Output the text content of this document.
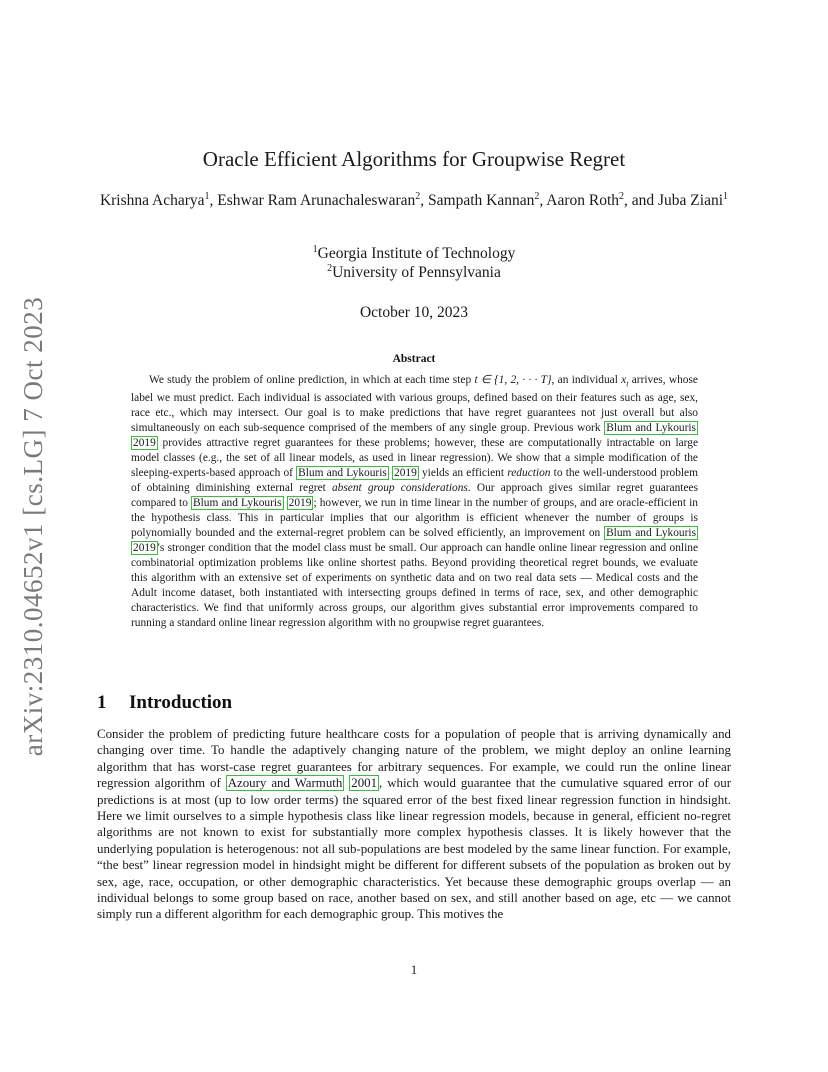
arXiv:2310.04652v1 [cs.LG] 7 Oct 2023
Oracle Efficient Algorithms for Groupwise Regret
Krishna Acharya$^1$, Eshwar Ram Arunachaleswaran$^2$, Sampath Kannan$^2$, Aaron Roth$^2$, and Juba Ziani$^1$
$^1$Georgia Institute of Technology
$^2$University of Pennsylvania
October 10, 2023
Abstract
We study the problem of online prediction, in which at each time step t ∈ {1, 2, · · · T}, an individual $x_t$ arrives, whose label we must predict. Each individual is associated with various groups, defined based on their features such as age, sex, race etc., which may intersect. Our goal is to make predictions that have regret guarantees not just overall but also simultaneously on each sub-sequence comprised of the members of any single group. Previous work Blum and Lykouris 2019 provides attractive regret guarantees for these problems; however, these are computationally intractable on large model classes (e.g., the set of all linear models, as used in linear regression). We show that a simple modification of the sleeping-experts-based approach of Blum and Lykouris 2019 yields an efficient reduction to the well-understood problem of obtaining diminishing external regret absent group considerations. Our approach gives similar regret guarantees compared to Blum and Lykouris 2019 ; however, we run in time linear in the number of groups, and are oracle-efficient in the hypothesis class. This in particular implies that our algorithm is efficient whenever the number of groups is polynomially bounded and the external-regret problem can be solved efficiently, an improvement on Blum and Lykouris 2019 's stronger condition that the model class must be small. Our approach can handle online linear regression and online combinatorial optimization problems like online shortest paths. Beyond providing theoretical regret bounds, we evaluate this algorithm with an extensive set of experiments on synthetic data and on two real data sets — Medical costs and the Adult income dataset, both instantiated with intersecting groups defined in terms of race, sex, and other demographic characteristics. We find that uniformly across groups, our algorithm gives substantial error improvements compared to running a standard online linear regression algorithm with no groupwise regret guarantees.
1 Introduction
Consider the problem of predicting future healthcare costs for a population of people that is arriving dynamically and changing over time. To handle the adaptively changing nature of the problem, we might deploy an online learning algorithm that has worst-case regret guarantees for arbitrary sequences. For example, we could run the online linear regression algorithm of Azoury and Warmuth 2001 , which would guarantee that the cumulative squared error of our predictions is at most (up to low order terms) the squared error of the best fixed linear regression function in hindsight. Here we limit ourselves to a simple hypothesis class like linear regression models, because in general, efficient no-regret algorithms are not known to exist for substantially more complex hypothesis classes. It is likely however that the underlying population is heterogenous: not all sub-populations are best modeled by the same linear function. For example, “the best” linear regression model in hindsight might be different for different subsets of the population as broken out by sex, age, race, occupation, or other demographic characteristics. Yet because these demographic groups overlap — an individual belongs to some group based on race, another based on sex, and still another based on age, etc — we cannot simply run a different algorithm for each demographic group. This motives the
1
